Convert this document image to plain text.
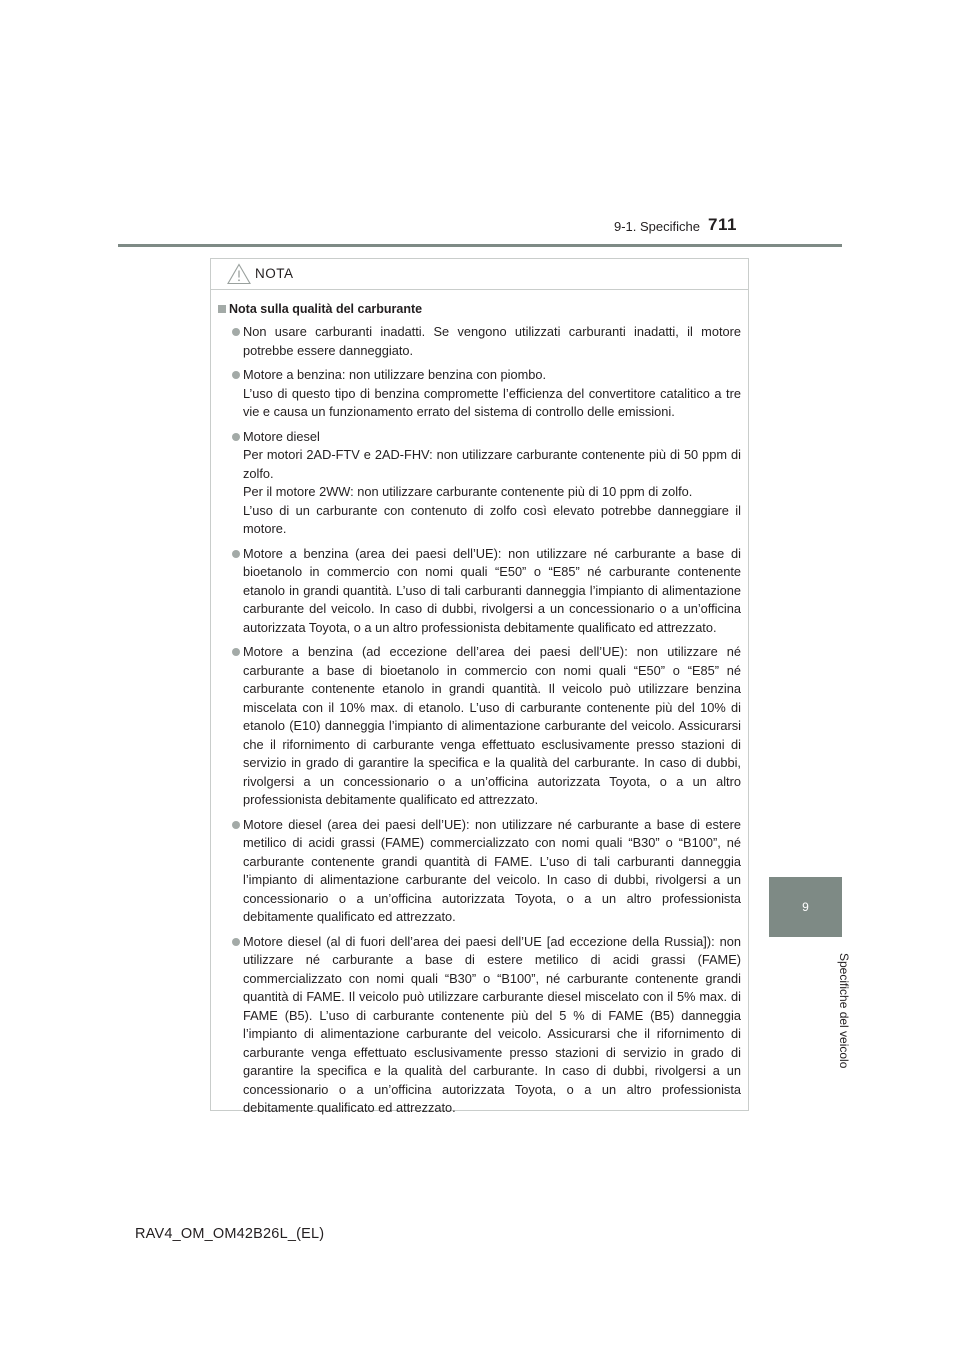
9-1. Specifiche 711
9
Specifiche del veicolo
NOTA
Nota sulla qualità del carburante

Non usare carburanti inadatti. Se vengono utilizzati carburanti inadatti, il motore potrebbe essere danneggiato.

Motore a benzina: non utilizzare benzina con piombo.

L’uso di questo tipo di benzina compromette l’efficienza del convertitore catalitico a tre vie e causa un funzionamento errato del sistema di controllo delle emissioni.

Motore diesel

Per motori 2AD-FTV e 2AD-FHV: non utilizzare carburante contenente più di 50 ppm di zolfo.

Per il motore 2WW: non utilizzare carburante contenente più di 10 ppm di zolfo.

L’uso di un carburante con contenuto di zolfo così elevato potrebbe danneggiare il motore.

Motore a benzina (area dei paesi dell’UE): non utilizzare né carburante a base di bioetanolo in commercio con nomi quali “E50” o “E85” né carburante contenente etanolo in grandi quantità. L’uso di tali carburanti danneggia l’impianto di alimentazione carburante del veicolo. In caso di dubbi, rivolgersi a un concessionario o a un’officina autorizzata Toyota, o a un altro professionista debitamente qualificato ed attrezzato.

Motore a benzina (ad eccezione dell’area dei paesi dell’UE): non utilizzare né carburante a base di bioetanolo in commercio con nomi quali “E50” o “E85” né carburante contenente etanolo in grandi quantità. Il veicolo può utilizzare benzina miscelata con il 10% max. di etanolo. L’uso di carburante contenente più del 10% di etanolo (E10) danneggia l’impianto di alimentazione carburante del veicolo. Assicurarsi che il rifornimento di carburante venga effettuato esclusivamente presso stazioni di servizio in grado di garantire la specifica e la qualità del carburante. In caso di dubbi, rivolgersi a un concessionario o a un’officina autorizzata Toyota, o a un altro professionista debitamente qualificato ed attrezzato.

Motore diesel (area dei paesi dell’UE): non utilizzare né carburante a base di estere metilico di acidi grassi (FAME) commercializzato con nomi quali “B30” o “B100”, né carburante contenente grandi quantità di FAME. L’uso di tali carburanti danneggia l’impianto di alimentazione carburante del veicolo. In caso di dubbi, rivolgersi a un concessionario o a un’officina autorizzata Toyota, o a un altro professionista debitamente qualificato ed attrezzato.

Motore diesel (al di fuori dell’area dei paesi dell’UE [ad eccezione della Russia]): non utilizzare né carburante a base di estere metilico di acidi grassi (FAME) commercializzato con nomi quali “B30” o “B100”, né carburante contenente grandi quantità di FAME. Il veicolo può utilizzare carburante diesel miscelato con il 5% max. di FAME (B5). L’uso di carburante contenente più del 5 % di FAME (B5) danneggia l’impianto di alimentazione carburante del veicolo. Assicurarsi che il rifornimento di carburante venga effettuato esclusivamente presso stazioni di servizio in grado di garantire la specifica e la qualità del carburante. In caso di dubbi, rivolgersi a un concessionario o a un’officina autorizzata Toyota, o a un altro professionista debitamente qualificato ed attrezzato.

RAV4_OM_OM42B26L_(EL)
